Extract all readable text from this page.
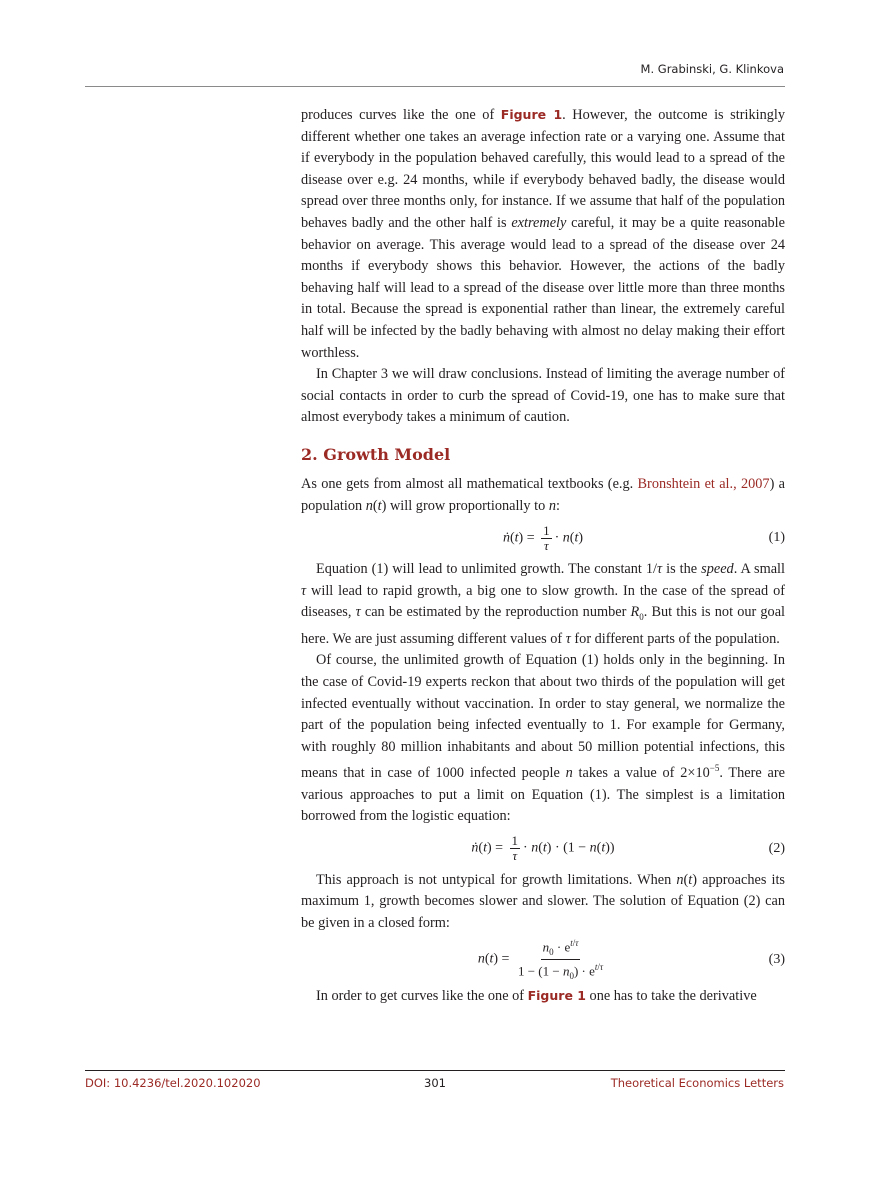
M. Grabinski, G. Klinkova

produces curves like the one of Figure 1. However, the outcome is strikingly different whether one takes an average infection rate or a varying one. Assume that if everybody in the population behaved carefully, this would lead to a spread of the disease over e.g. 24 months, while if everybody behaved badly, the disease would spread over three months only, for instance. If we assume that half of the population behaves badly and the other half is extremely careful, it may be a quite reasonable behavior on average. This average would lead to a spread of the disease over 24 months if everybody shows this behavior. However, the actions of the badly behaving half will lead to a spread of the disease over little more than three months in total. Because the spread is exponential rather than linear, the extremely careful half will be infected by the badly behaving with almost no delay making their effort worthless.

In Chapter 3 we will draw conclusions. Instead of limiting the average number of social contacts in order to curb the spread of Covid-19, one has to make sure that almost everybody takes a minimum of caution.

2. Growth Model

As one gets from almost all mathematical textbooks (e.g. Bronshtein et al., 2007) a population n(t) will grow proportionally to n:

ṅ(t) = $\frac{1}{\tau} \cdot n(t)$	(1)

Equation (1) will lead to unlimited growth. The constant 1/τ is the speed. A small τ will lead to rapid growth, a big one to slow growth. In the case of the spread of diseases, τ can be estimated by the reproduction number $R_0$. But this is not our goal here. We are just assuming different values of τ for different parts of the population.

Of course, the unlimited growth of Equation (1) holds only in the beginning. In the case of Covid-19 experts reckon that about two thirds of the population will get infected eventually without vaccination. In order to stay general, we normalize the part of the population being infected eventually to 1. For example for Germany, with roughly 80 million inhabitants and about 50 million potential infections, this means that in case of 1000 infected people n takes a value of $2\times 10^{-5}$. There are various approaches to put a limit on Equation (1). The simplest is a limitation borrowed from the logistic equation:

ṅ(t) = $\frac{1}{\tau} \cdot n(t) \cdot (1 - n(t))$	(2)

This approach is not untypical for growth limitations. When n(t) approaches its maximum 1, growth becomes slower and slower. The solution of Equation (2) can be given in a closed form:

$n(t) = \frac{n_0 \cdot e^{t/\tau}}{1 - (1 - n_0) \cdot e^{t/\tau}}$	(3)

In order to get curves like the one of Figure 1 one has to take the derivative

DOI: 10.4236/tel.2020.102020	301	Theoretical Economics Letters
